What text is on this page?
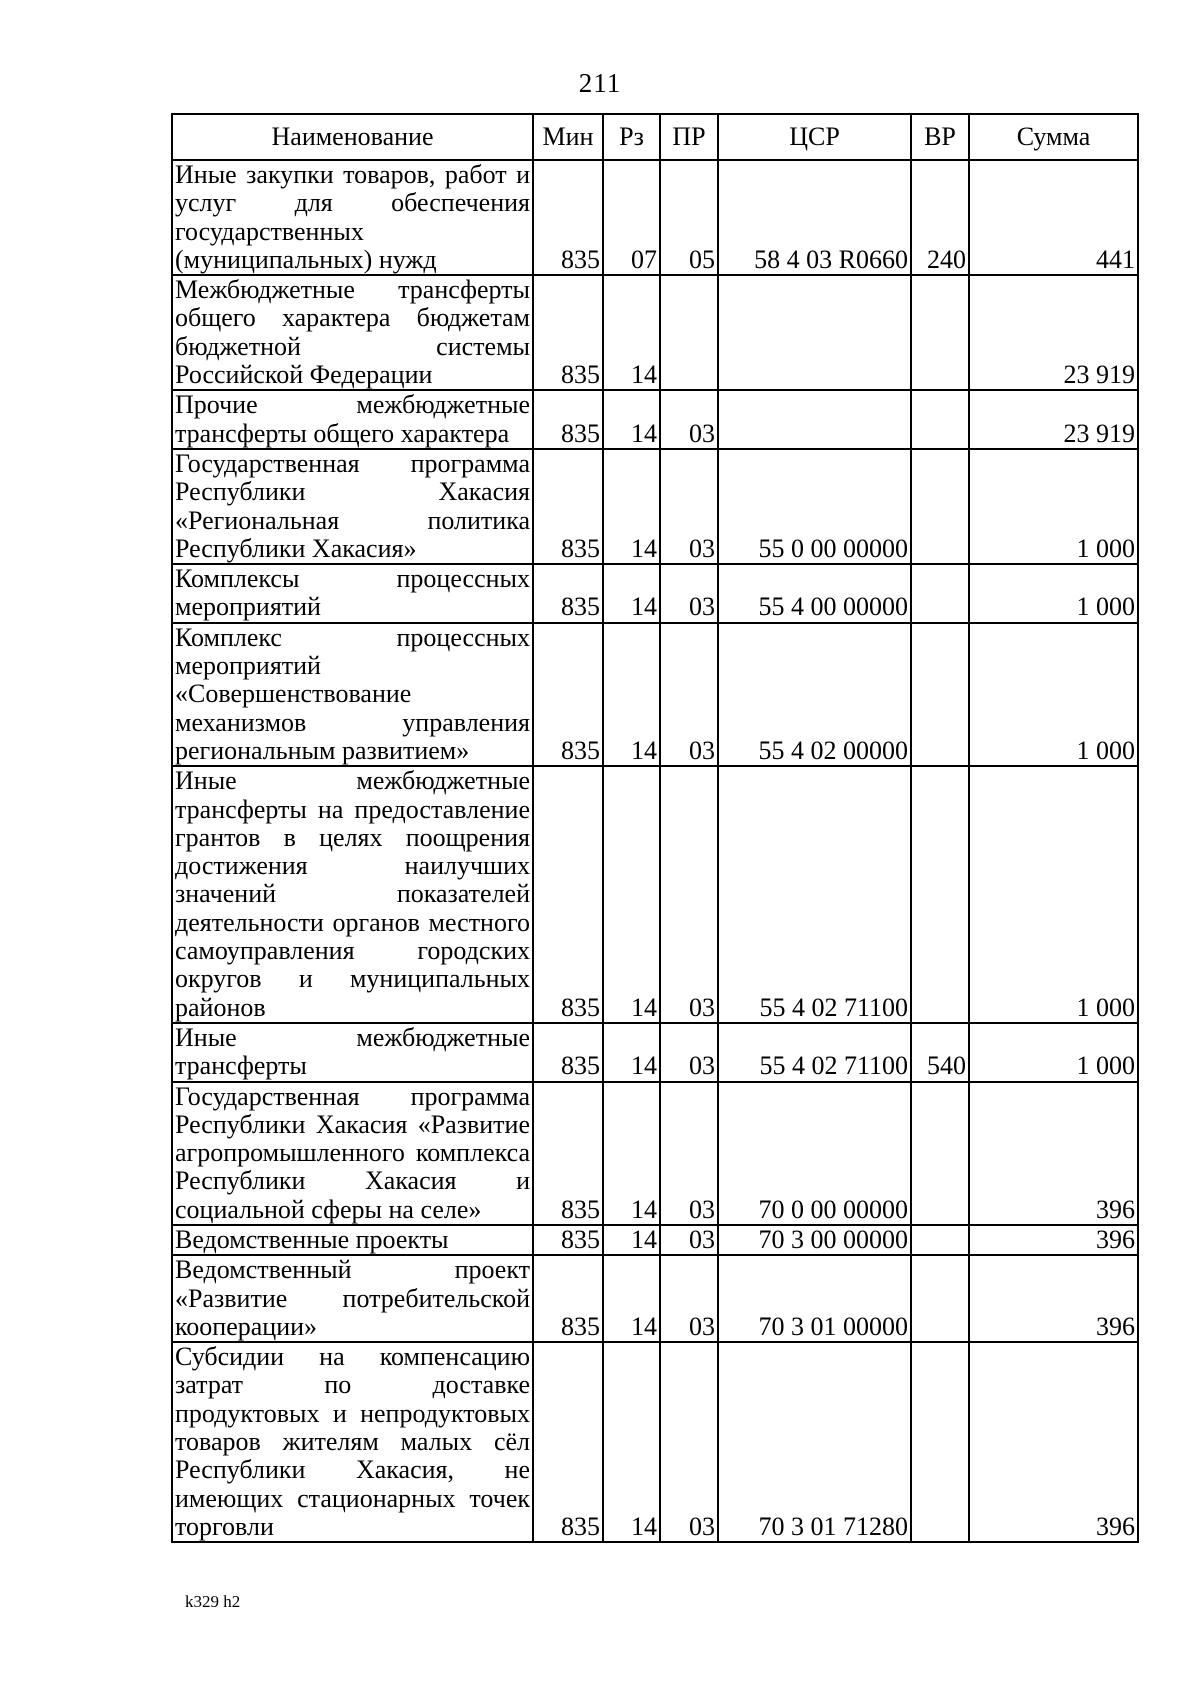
211
Наименование	Мин	Рз	ПР	ЦСР	ВР	Сумма
Иные закупки товаров, работ и услуг для обеспечения государственных (муниципальных) нужд	835	07	05	58 4 03 R0660	240	441
Межбюджетные трансферты общего характера бюджетам бюджетной системы Российской Федерации	835	14				23 919
Прочие межбюджетные трансферты общего характера	835	14	03			23 919
Государственная программа Республики Хакасия «Региональная политика Республики Хакасия»	835	14	03	55 0 00 00000		1 000
Комплексы процессных мероприятий	835	14	03	55 4 00 00000		1 000
Комплекс процессных мероприятий «Совершенствование механизмов управления региональным развитием»	835	14	03	55 4 02 00000		1 000
Иные межбюджетные трансферты на предоставление грантов в целях поощрения достижения наилучших значений показателей деятельности органов местного самоуправления городских округов и муниципальных районов	835	14	03	55 4 02 71100		1 000
Иные межбюджетные трансферты	835	14	03	55 4 02 71100	540	1 000
Государственная программа Республики Хакасия «Развитие агропромышленного комплекса Республики Хакасия и социальной сферы на селе»	835	14	03	70 0 00 00000		396
Ведомственные проекты	835	14	03	70 3 00 00000		396
Ведомственный проект «Развитие потребительской кооперации»	835	14	03	70 3 01 00000		396
Субсидии на компенсацию затрат по доставке продуктовых и непродуктовых товаров жителям малых сёл Республики Хакасия, не имеющих стационарных точек торговли	835	14	03	70 3 01 71280		396
k329 h2
